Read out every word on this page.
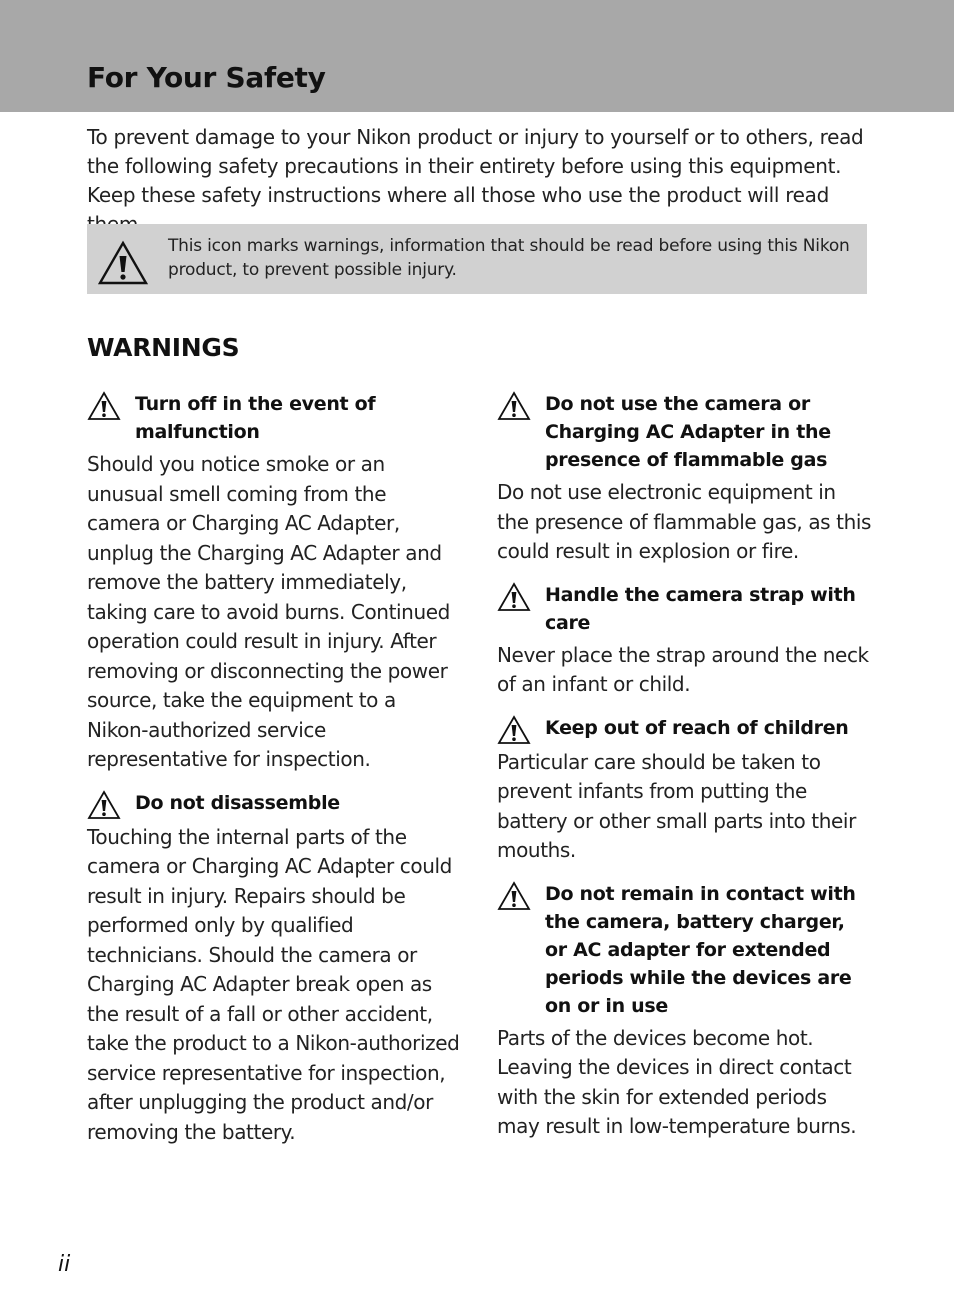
For Your Safety

To prevent damage to your Nikon product or injury to yourself or to others, read the following safety precautions in their entirety before using this equipment. Keep these safety instructions where all those who use the product will read

This icon marks warnings, information that should be read before using this Nikon product, to prevent possible injury.

WARNINGS

Turn off in the event of malfunction

Should you notice smoke or an unusual smell coming from the camera or Charging AC Adapter, unplug the Charging AC Adapter and remove the battery immediately, taking care to avoid burns. Continued operation could result in injury. After removing or disconnecting the power source, take the equipment to a Nikon-authorized service representative for inspection.

Do not disassemble

Touching the internal parts of the camera or Charging AC Adapter could result in injury. Repairs should be performed only by qualified technicians. Should the camera or Charging AC Adapter break open as the result of a fall or other accident, take the product to a Nikon-authorized service representative for inspection, after unplugging the product and/or removing the battery.

Do not use the camera or Charging AC Adapter in the presence of flammable gas

Do not use electronic equipment in the presence of flammable gas, as this could result in explosion or fire.

Handle the camera strap with care

Never place the strap around the neck of an infant or child.

Keep out of reach of children

Particular care should be taken to prevent infants from putting the battery or other small parts into their mouths.

Do not remain in contact with the camera, battery charger, or AC adapter for extended periods while the devices are on or in use

Parts of the devices become hot. Leaving the devices in direct contact with the skin for extended periods may result in low-temperature burns.

ii
